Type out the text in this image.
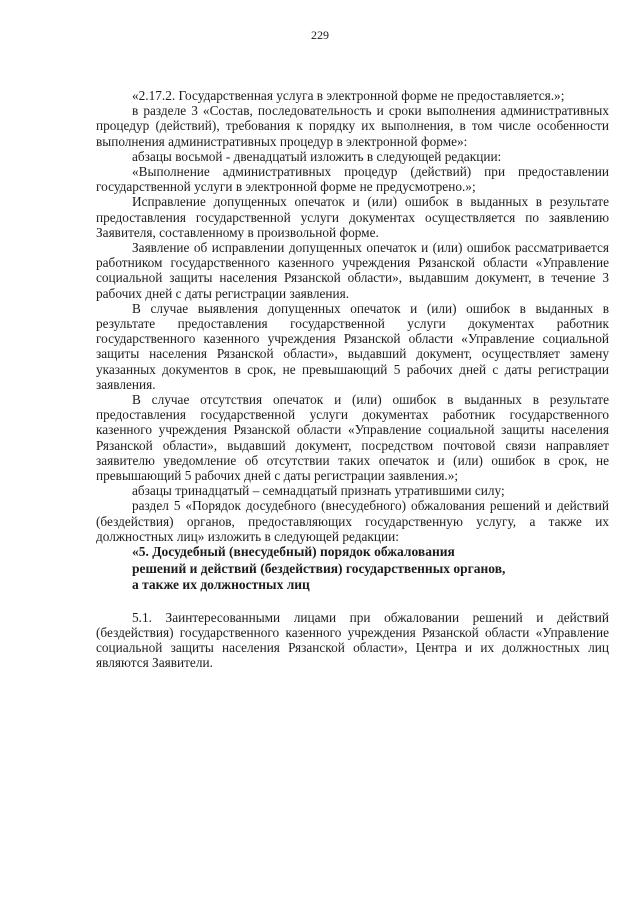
229

«2.17.2. Государственная услуга в электронной форме не предоставляется.»;

в разделе 3 «Состав, последовательность и сроки выполнения административных процедур (действий), требования к порядку их выполнения, в том числе особенности выполнения административных процедур в электронной форме»:

абзацы восьмой - двенадцатый изложить в следующей редакции:

«Выполнение административных процедур (действий) при предоставлении государственной услуги в электронной форме не предусмотрено.»;

Исправление допущенных опечаток и (или) ошибок в выданных в результате предоставления государственной услуги документах осуществляется по заявлению Заявителя, составленному в произвольной форме.

Заявление об исправлении допущенных опечаток и (или) ошибок рассматривается работником государственного казенного учреждения Рязанской области «Управление социальной защиты населения Рязанской области», выдавшим документ, в течение 3 рабочих дней с даты регистрации заявления.

В случае выявления допущенных опечаток и (или) ошибок в выданных в результате предоставления государственной услуги документах работник государственного казенного учреждения Рязанской области «Управление социальной защиты населения Рязанской области», выдавший документ, осуществляет замену указанных документов в срок, не превышающий 5 рабочих дней с даты регистрации заявления.

В случае отсутствия опечаток и (или) ошибок в выданных в результате предоставления государственной услуги документах работник государственного казенного учреждения Рязанской области «Управление социальной защиты населения Рязанской области», выдавший документ, посредством почтовой связи направляет заявителю уведомление об отсутствии таких опечаток и (или) ошибок в срок, не превышающий 5 рабочих дней с даты регистрации заявления.»;

абзацы тринадцатый – семнадцатый признать утратившими силу;

раздел 5 «Порядок досудебного (внесудебного) обжалования решений и действий (бездействия) органов, предоставляющих государственную услугу, а также их должностных лиц» изложить в следующей редакции:

«5. Досудебный (внесудебный) порядок обжалования

решений и действий (бездействия) государственных органов,

а также их должностных лиц

5.1. Заинтересованными лицами при обжаловании решений и действий (бездействия) государственного казенного учреждения Рязанской области «Управление социальной защиты населения Рязанской области», Центра и их должностных лиц являются Заявители.
